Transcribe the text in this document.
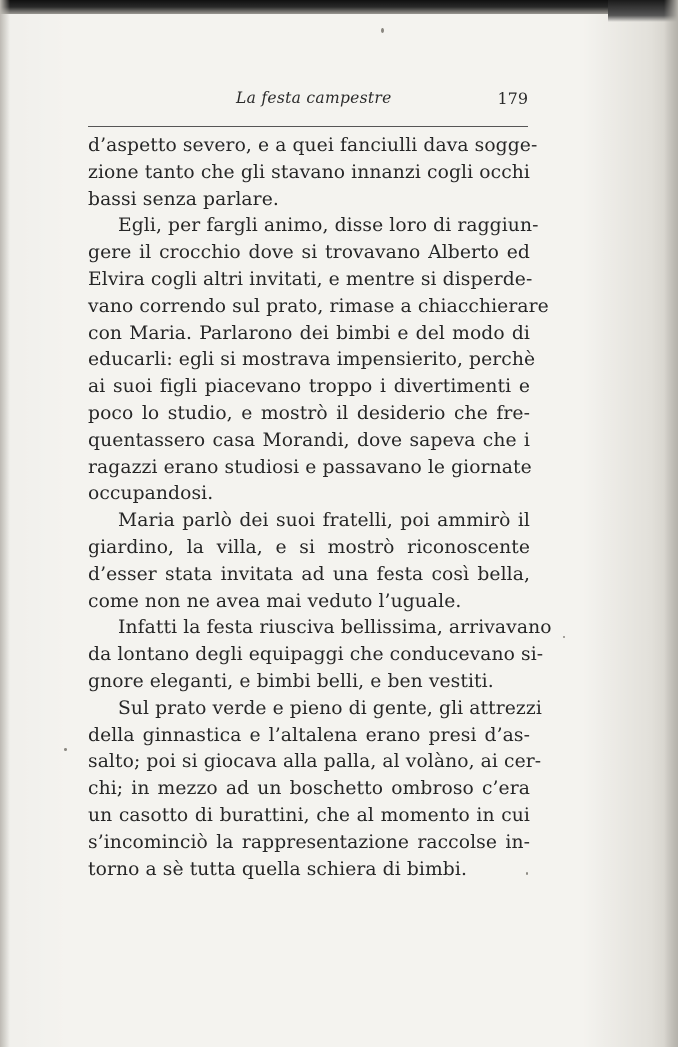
La festa campestre	179
d’aspetto severo, e a quei fanciulli dava sogge-
zione tanto che gli stavano innanzi cogli occhi
bassi senza parlare.
Egli, per fargli animo, disse loro di raggiun-
gere il crocchio dove si trovavano Alberto ed
Elvira cogli altri invitati, e mentre si disperde-
vano correndo sul prato, rimase a chiacchierare
con Maria. Parlarono dei bimbi e del modo di
educarli: egli si mostrava impensierito, perchè
ai suoi figli piacevano troppo i divertimenti e
poco lo studio, e mostrò il desiderio che fre-
quentassero casa Morandi, dove sapeva che i
ragazzi erano studiosi e passavano le giornate
occupandosi.
Maria parlò dei suoi fratelli, poi ammirò il
giardino, la villa, e si mostrò riconoscente
d’esser stata invitata ad una festa così bella,
come non ne avea mai veduto l’uguale.
Infatti la festa riusciva bellissima, arrivavano
da lontano degli equipaggi che conducevano si-
gnore eleganti, e bimbi belli, e ben vestiti.
Sul prato verde e pieno di gente, gli attrezzi
della ginnastica e l’altalena erano presi d’as-
salto; poi si giocava alla palla, al volàno, ai cer-
chi; in mezzo ad un boschetto ombroso c’era
un casotto di burattini, che al momento in cui
s’incominciò la rappresentazione raccolse in-
torno a sè tutta quella schiera di bimbi.
